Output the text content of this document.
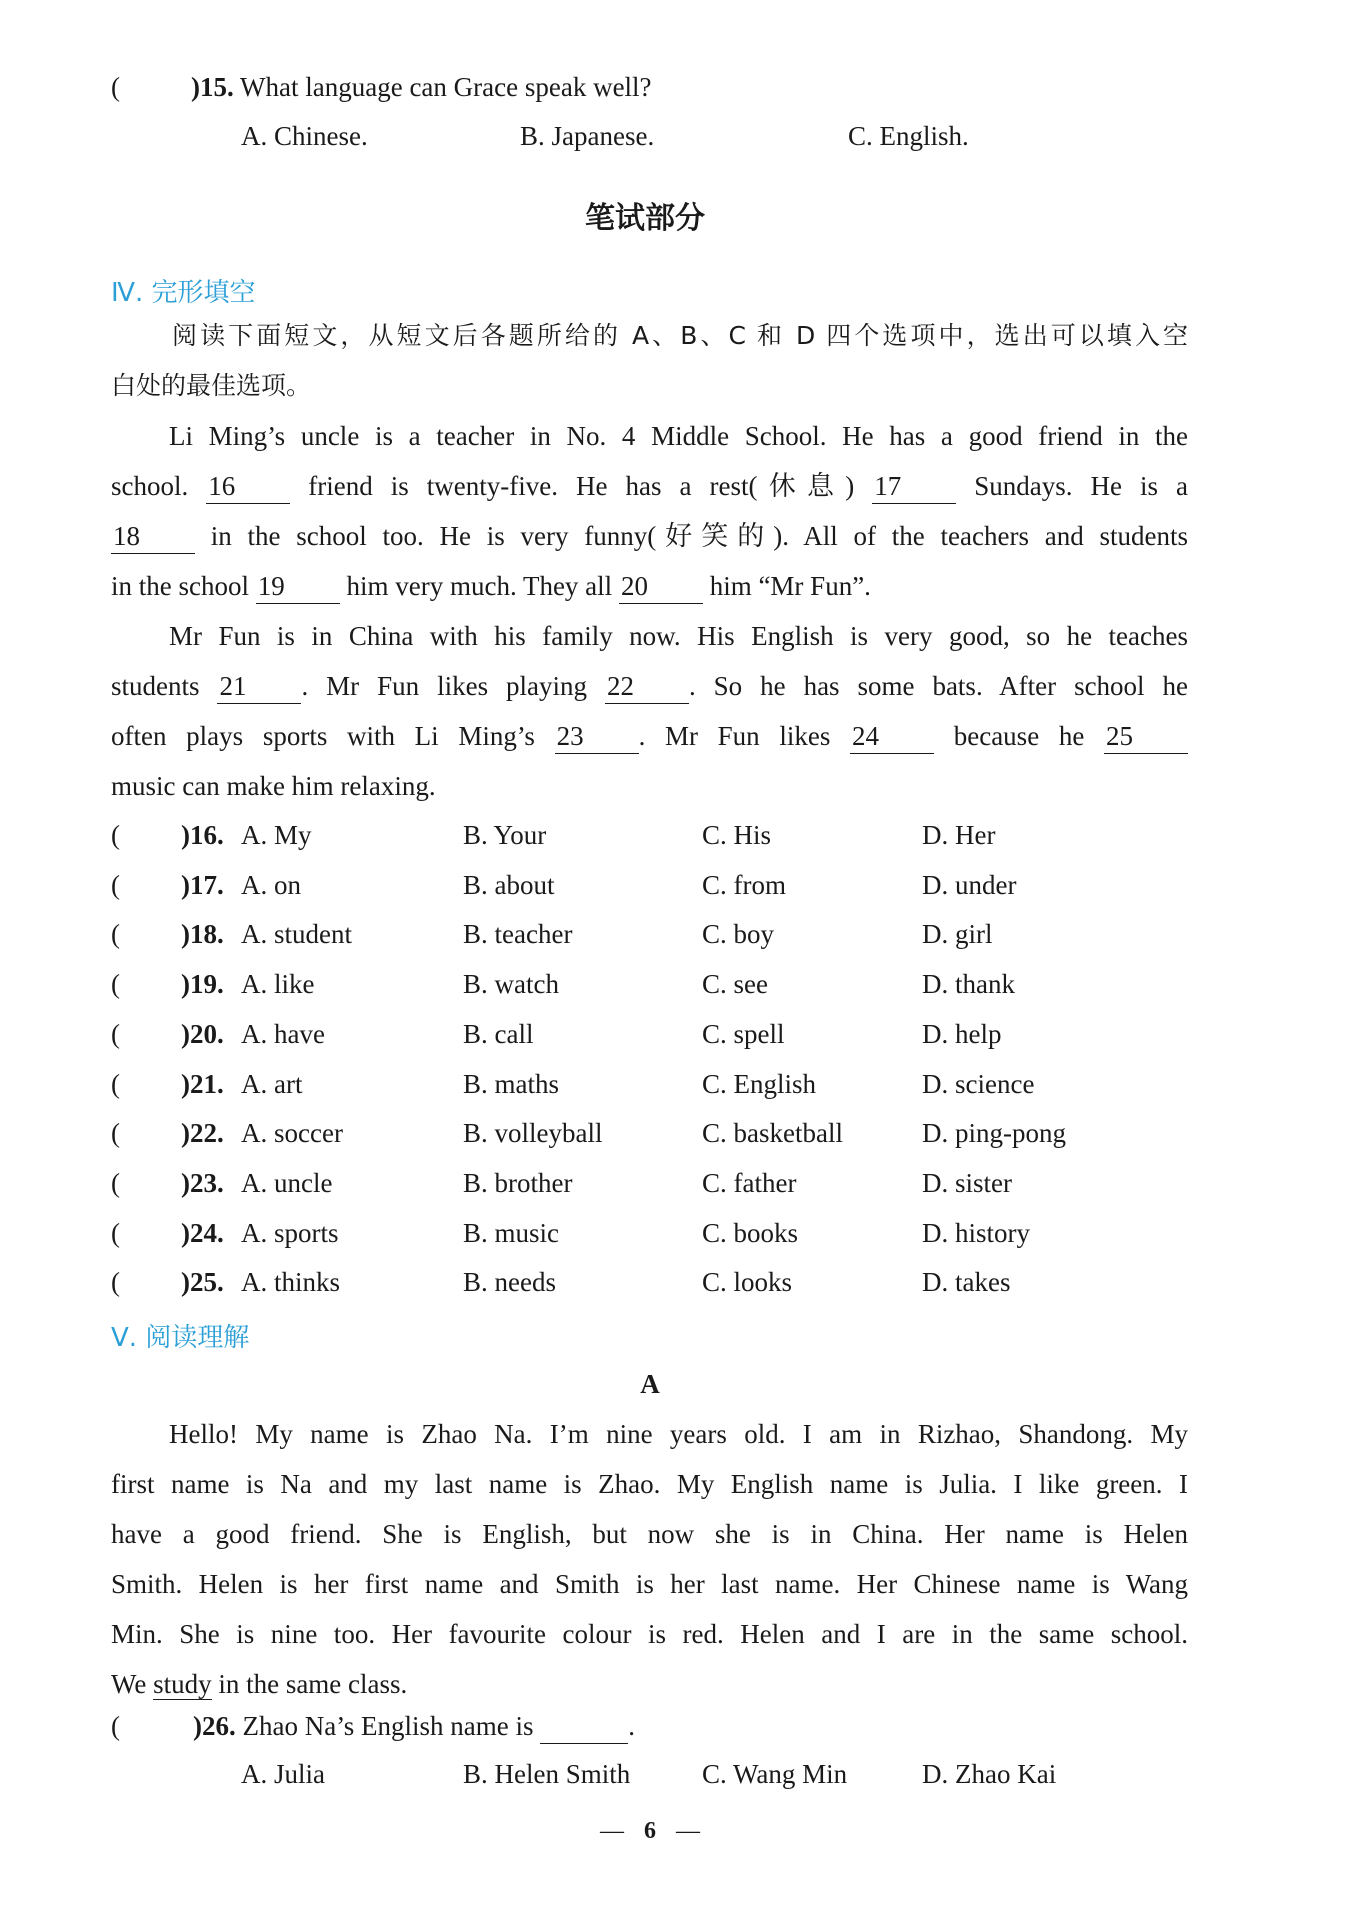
(	)15. What language can Grace speak well?
A. Chinese.	B. Japanese.	C. English.
笔试部分
Ⅳ. 完形填空
阅读下面短文，从短文后各题所给的 A、B、C 和 D 四个选项中，选出可以填入空
白处的最佳选项。
Li Ming’s uncle is a teacher in No. 4 Middle School. He has a good friend in the
school. 16	friend is twenty-five. He has a rest(休息) 17	Sundays. He is a
18	in the school too. He is very funny(好笑的). All of the teachers and students
in the school 19 him very much. They all 20 him “Mr Fun”.
Mr Fun is in China with his family now. His English is very good, so he teaches
students 21 . Mr Fun likes playing 22 . So he has some bats. After school he
often plays sports with Li Ming’s 23 . Mr Fun likes 24	because he 25
music can make him relaxing.
( )16. A. My	B. Your	C. His	D. Her
( )17. A. on	B. about	C. from	D. under
( )18. A. student	B. teacher	C. boy	D. girl
( )19. A. like	B. watch	C. see	D. thank
( )20. A. have	B. call	C. spell	D. help
( )21. A. art	B. maths	C. English	D. science
( )22. A. soccer	B. volleyball	C. basketball	D. ping-pong
( )23. A. uncle	B. brother	C. father	D. sister
( )24. A. sports	B. music	C. books	D. history
( )25. A. thinks	B. needs	C. looks	D. takes
Ⅴ. 阅读理解
A
Hello! My name is Zhao Na. I’m nine years old. I am in Rizhao, Shandong. My
first name is Na and my last name is Zhao. My English name is Julia. I like green. I
have a good friend. She is English, but now she is in China. Her name is Helen
Smith. Helen is her first name and Smith is her last name. Her Chinese name is Wang
Min. She is nine too. Her favourite colour is red. Helen and I are in the same school.
We study in the same class.
(	)26. Zhao Na’s English name is	.
A. Julia	B. Helen Smith	C. Wang Min	D. Zhao Kai
— 6 —
